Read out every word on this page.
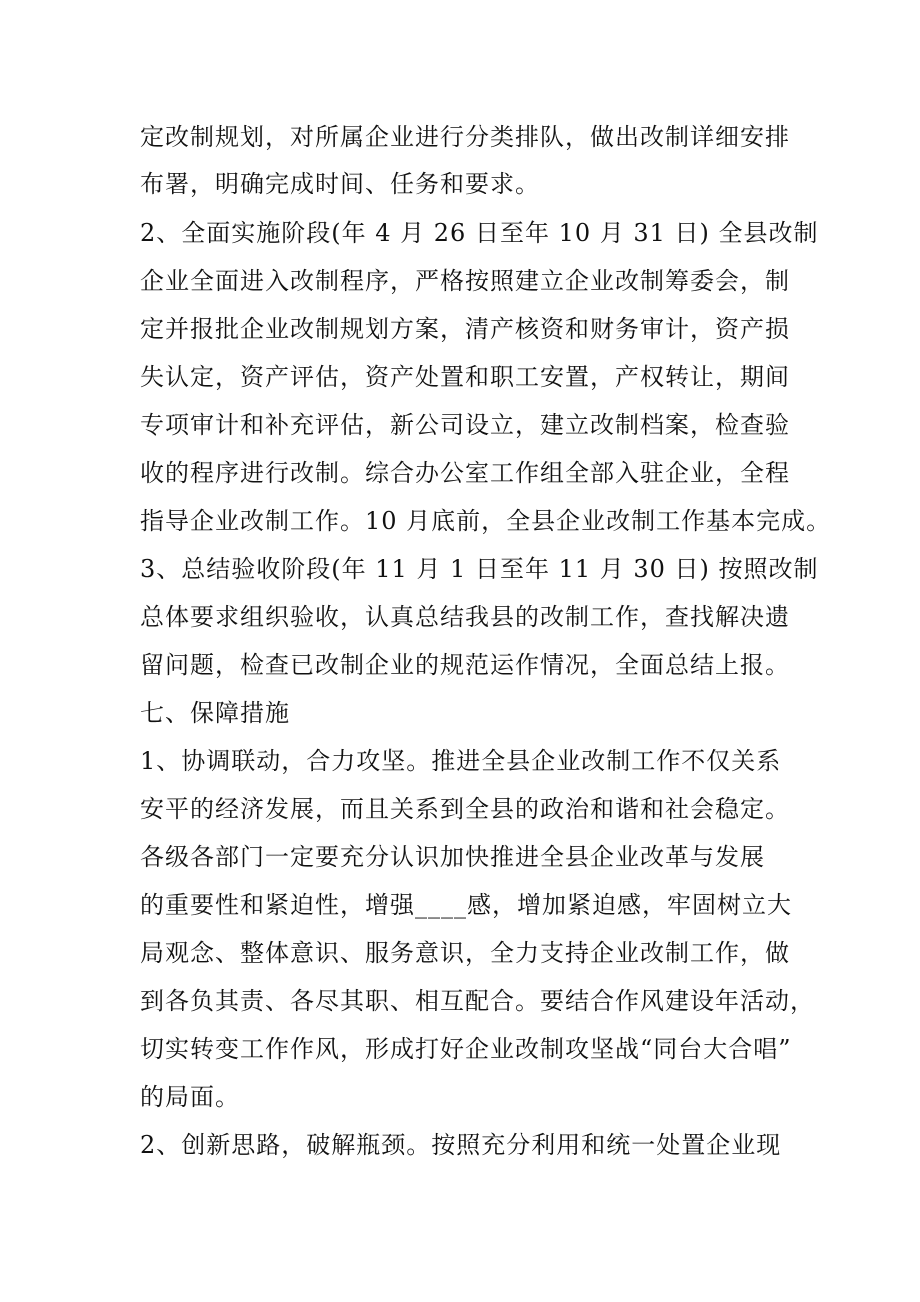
定改制规划，对所属企业进行分类排队，做出改制详细安排
布署，明确完成时间、任务和要求。
2、全面实施阶段(年 4 月 26 日至年 10 月 31 日) 全县改制
企业全面进入改制程序，严格按照建立企业改制筹委会，制
定并报批企业改制规划方案，清产核资和财务审计，资产损
失认定，资产评估，资产处置和职工安置，产权转让，期间
专项审计和补充评估，新公司设立，建立改制档案，检查验
收的程序进行改制。综合办公室工作组全部入驻企业，全程
指导企业改制工作。10 月底前，全县企业改制工作基本完成。
3、总结验收阶段(年 11 月 1 日至年 11 月 30 日) 按照改制
总体要求组织验收，认真总结我县的改制工作，查找解决遗
留问题，检查已改制企业的规范运作情况，全面总结上报。
七、保障措施
1、协调联动，合力攻坚。推进全县企业改制工作不仅关系
安平的经济发展，而且关系到全县的政治和谐和社会稳定。
各级各部门一定要充分认识加快推进全县企业改革与发展
的重要性和紧迫性，增强____感，增加紧迫感，牢固树立大
局观念、整体意识、服务意识，全力支持企业改制工作，做
到各负其责、各尽其职、相互配合。要结合作风建设年活动，
切实转变工作作风，形成打好企业改制攻坚战“同台大合唱”
的局面。
2、创新思路，破解瓶颈。按照充分利用和统一处置企业现
